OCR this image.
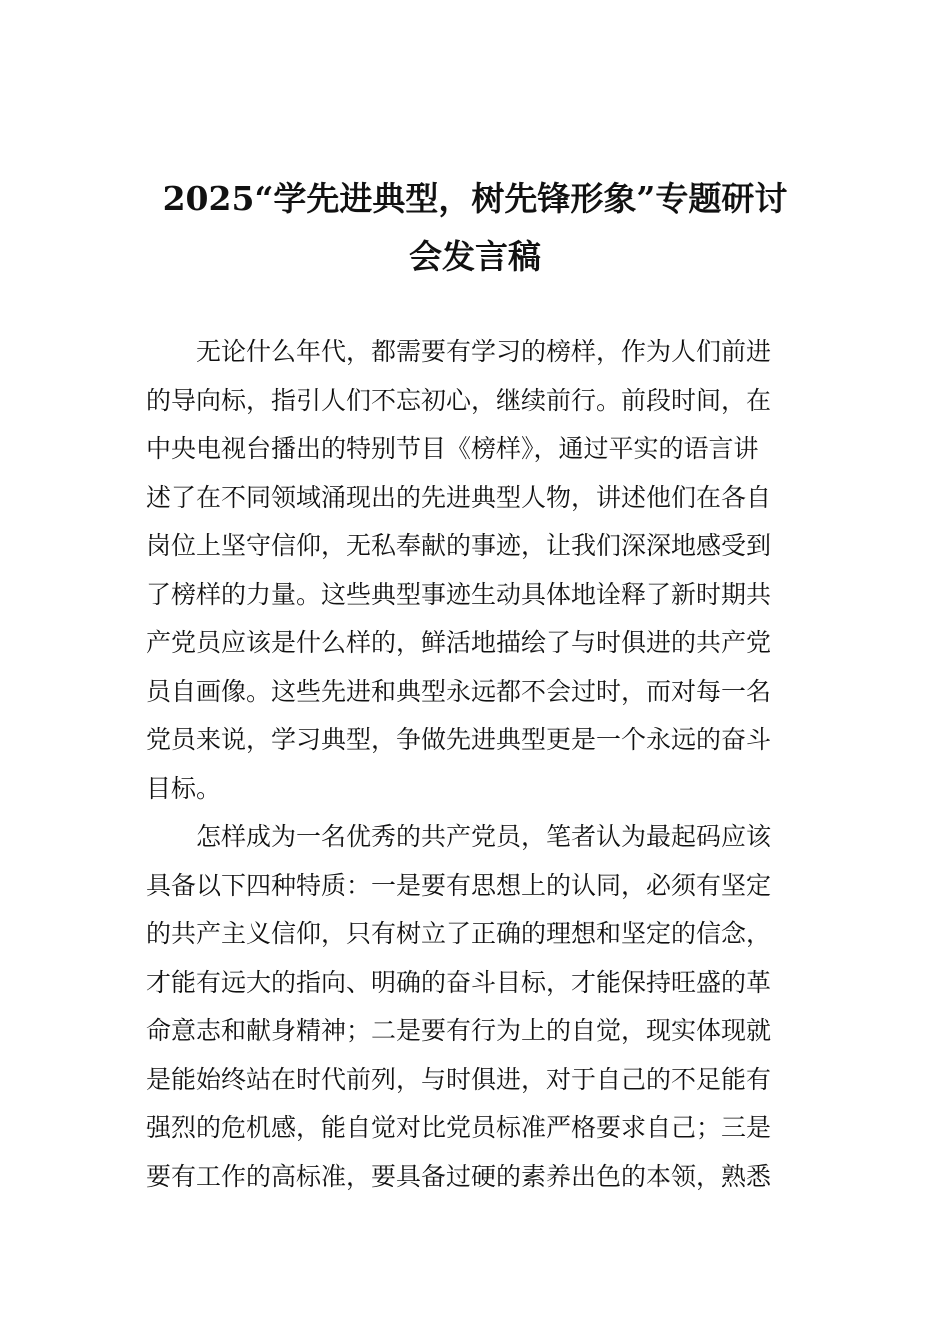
2025“学先进典型，树先锋形象”专题研讨
会发言稿

　　无论什么年代，都需要有学习的榜样，作为人们前进
的导向标，指引人们不忘初心，继续前行。前段时间，在
中央电视台播出的特别节目《榜样》，通过平实的语言讲
述了在不同领域涌现出的先进典型人物，讲述他们在各自
岗位上坚守信仰，无私奉献的事迹，让我们深深地感受到
了榜样的力量。这些典型事迹生动具体地诠释了新时期共
产党员应该是什么样的，鲜活地描绘了与时俱进的共产党
员自画像。这些先进和典型永远都不会过时，而对每一名
党员来说，学习典型，争做先进典型更是一个永远的奋斗
目标。

　　怎样成为一名优秀的共产党员，笔者认为最起码应该
具备以下四种特质：一是要有思想上的认同，必须有坚定
的共产主义信仰，只有树立了正确的理想和坚定的信念，
才能有远大的指向、明确的奋斗目标，才能保持旺盛的革
命意志和献身精神；二是要有行为上的自觉，现实体现就
是能始终站在时代前列，与时俱进，对于自己的不足能有
强烈的危机感，能自觉对比党员标准严格要求自己；三是
要有工作的高标准，要具备过硬的素养出色的本领，熟悉
